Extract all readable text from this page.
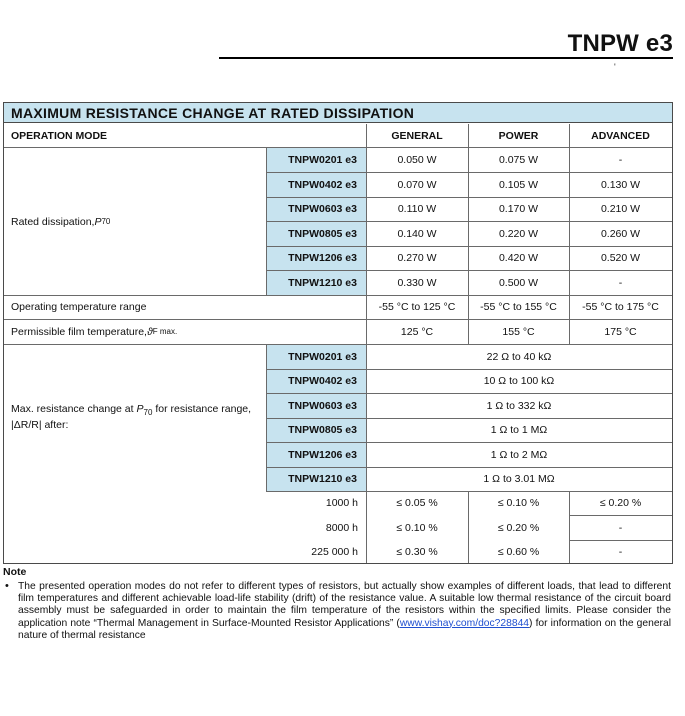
TNPW e3
'
MAXIMUM RESISTANCE CHANGE AT RATED DISSIPATION
OPERATION MODE	GENERAL	POWER	ADVANCED
Rated dissipation, P 70
TNPW0201 e3	0.050 W	0.075 W	-
TNPW0402 e3	0.070 W	0.105 W	0.130 W
TNPW0603 e3	0.110 W	0.170 W	0.210 W
TNPW0805 e3	0.140 W	0.220 W	0.260 W
TNPW1206 e3	0.270 W	0.420 W	0.520 W
TNPW1210 e3	0.330 W	0.500 W	-
Operating temperature range	-55 °C to 125 °C	-55 °C to 155 °C	-55 °C to 175 °C
Permissible film temperature, ϑ F max.	125 °C	155 °C	175 °C
Max. resistance change at $P_{70}$ for resistance range,
|ΔR/R| after:
TNPW0201 e3	22 Ω to 40 kΩ
TNPW0402 e3	10 Ω to 100 kΩ
TNPW0603 e3	1 Ω to 332 kΩ
TNPW0805 e3	1 Ω to 1 MΩ
TNPW1206 e3	1 Ω to 2 MΩ
TNPW1210 e3	1 Ω to 3.01 MΩ
1000 h	≤ 0.05 %	≤ 0.10 %	≤ 0.20 %
8000 h	≤ 0.10 %	≤ 0.20 %	-
225 000 h	≤ 0.30 %	≤ 0.60 %	-
Note
• The presented operation modes do not refer to different types of resistors, but actually show examples of different loads, that lead to different film temperatures and different achievable load-life stability (drift) of the resistance value. A suitable low thermal resistance of the circuit board assembly must be safeguarded in order to maintain the film temperature of the resistors within the specified limits. Please consider the application note “Thermal Management in Surface-Mounted Resistor Applications” (www.vishay.com/doc?28844) for information on the general nature of thermal resistance
